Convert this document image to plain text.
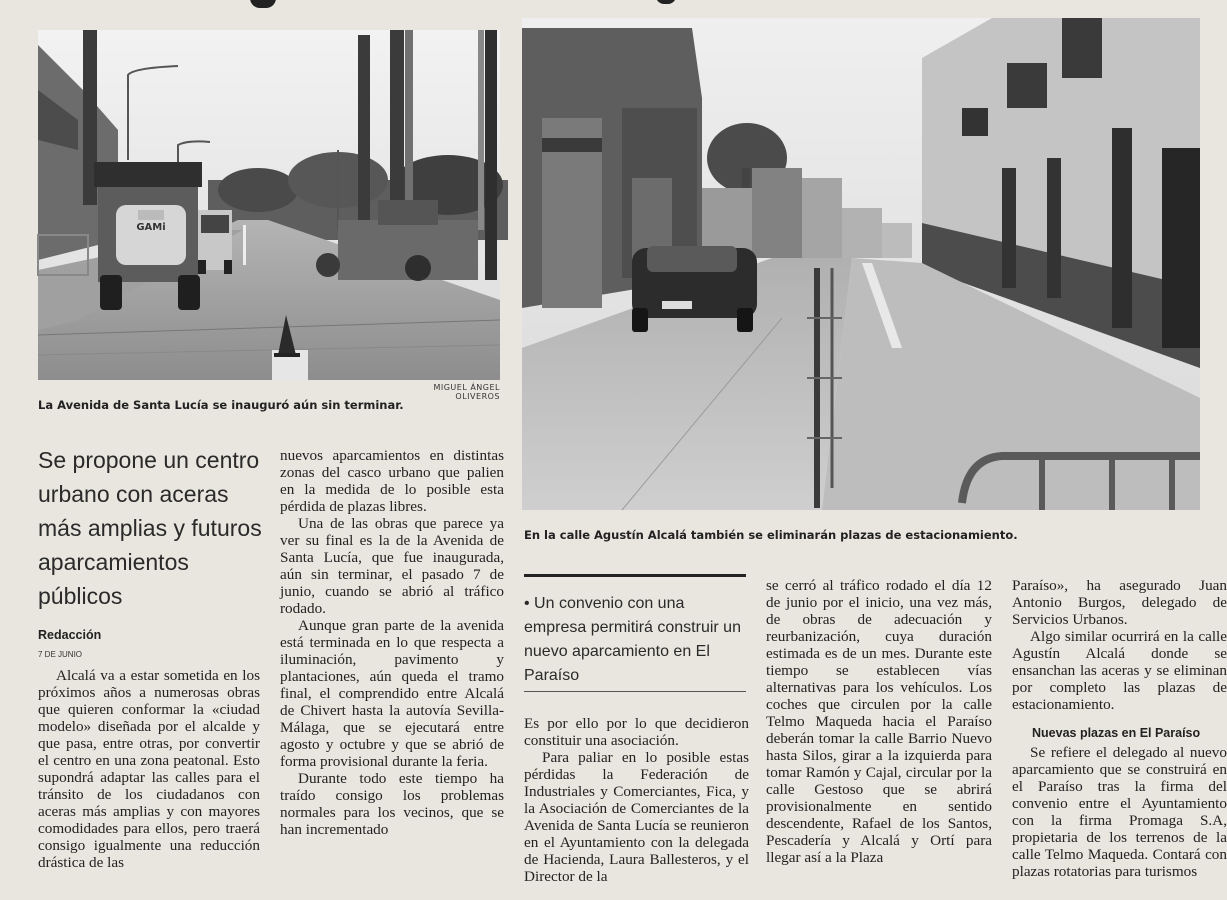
GAMi
MIGUEL ÁNGEL OLIVEROS
La Avenida de Santa Lucía se inauguró aún sin terminar.
En la calle Agustín Alcalá también se eliminarán plazas de estacionamiento.
Se propone un centro
urbano con aceras
más amplias y futuros
aparcamientos
públicos
Redacción
7 DE JUNIO

Alcalá va a estar sometida en los próximos años a numerosas obras que quieren conformar la «ciudad modelo» diseñada por el alcalde y que pasa, entre otras, por convertir el centro en una zona peatonal. Esto supondrá adaptar las calles para el tránsito de los ciudadanos con aceras más amplias y con mayores comodidades para ellos, pero traerá consigo igualmente una reducción drástica de las

nuevos aparcamientos en distintas zonas del casco urbano que palien en la medida de lo posible esta pérdida de plazas libres.

Una de las obras que parece ya ver su final es la de la Avenida de Santa Lucía, que fue inaugurada, aún sin terminar, el pasado 7 de junio, cuando se abrió al tráfico rodado.

Aunque gran parte de la avenida está terminada en lo que respecta a iluminación, pavimento y plantaciones, aún queda el tramo final, el comprendido entre Alcalá de Chivert hasta la autovía Sevilla-Málaga, que se ejecutará entre agosto y octubre y que se abrió de forma provisional durante la feria.

Durante todo este tiempo ha traído consigo los problemas normales para los vecinos, que se han incrementado

• Un convenio con una empresa permitirá construir un nuevo aparcamiento en El Paraíso

Es por ello por lo que decidieron constituir una asociación.

Para paliar en lo posible estas pérdidas la Federación de Industriales y Comerciantes, Fica, y la Asociación de Comerciantes de la Avenida de Santa Lucía se reunieron en el Ayuntamiento con la delegada de Hacienda, Laura Ballesteros, y el Director de la

se cerró al tráfico rodado el día 12 de junio por el inicio, una vez más, de obras de adecuación y reurbanización, cuya duración estimada es de un mes. Durante este tiempo se establecen vías alternativas para los vehículos. Los coches que circulen por la calle Telmo Maqueda hacia el Paraíso deberán tomar la calle Barrio Nuevo hasta Silos, girar a la izquierda para tomar Ramón y Cajal, circular por la calle Gestoso que se abrirá provisionalmente en sentido descendente, Rafael de los Santos, Pescadería y Alcalá y Ortí para llegar así a la Plaza

Paraíso», ha asegurado Juan Antonio Burgos, delegado de Servicios Urbanos.

Algo similar ocurrirá en la calle Agustín Alcalá donde se ensanchan las aceras y se eliminan por completo las plazas de estacionamiento.

Nuevas plazas en El Paraíso

Se refiere el delegado al nuevo aparcamiento que se construirá en el Paraíso tras la firma del convenio entre el Ayuntamiento con la firma Promaga S.A, propietaria de los terrenos de la calle Telmo Maqueda. Contará con plazas rotatorias para turismos
